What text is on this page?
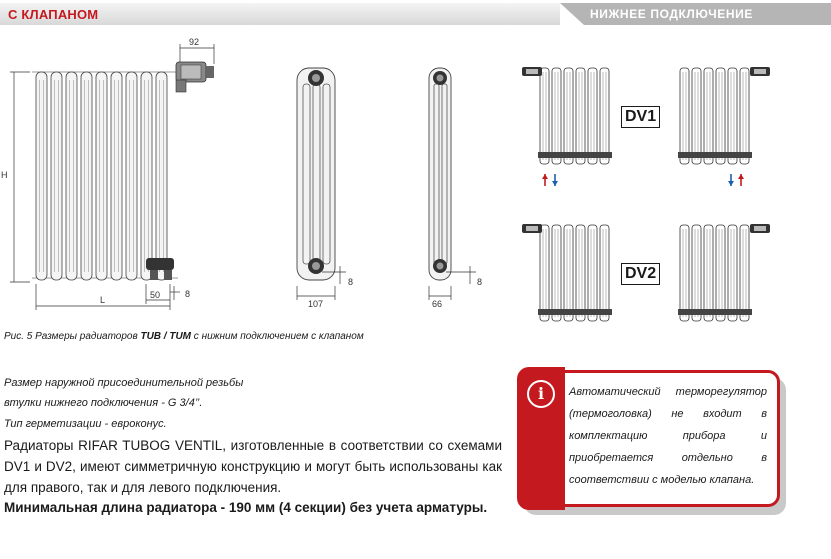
С КЛАПАНОМ	НИЖНЕЕ ПОДКЛЮЧЕНИЕ
92
H
L	50	8
107
8
66
8
DV1
DV2
Рис. 5 Размеры радиаторов TUB / TUM с нижним подключением с клапаном
Размер наружной присоединительной резьбы
втулки нижнего подключения - G 3/4’’.
Тип герметизации - евроконус.
Радиаторы RIFAR TUBOG VENTIL, изготовленные в соответствии со схемами DV1 и DV2, имеют симметричную конструкцию и могут быть использованы как для правого, так и для левого подключения.
Минимальная длина радиатора - 190 мм (4 секции) без учета арматуры.
i	Автоматический терморегулятор (термоголовка) не входит в комплектацию прибора и приобретается отдельно в соответствии с моделью клапана.
